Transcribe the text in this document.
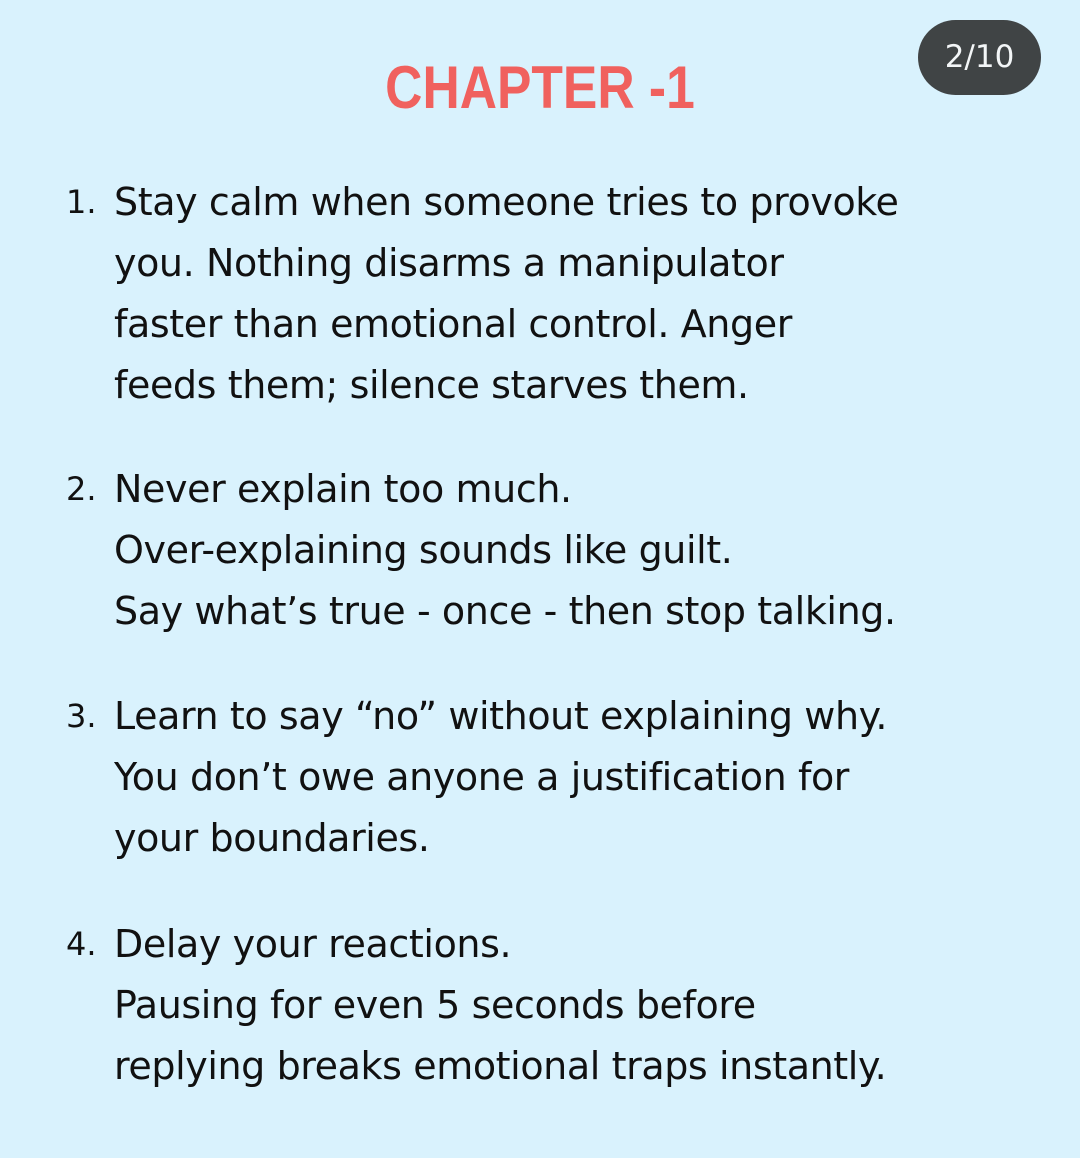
CHAPTER -1	2/10
1. Stay calm when someone tries to provoke
you. Nothing disarms a manipulator
faster than emotional control. Anger
feeds them; silence starves them.
2. Never explain too much.
Over-explaining sounds like guilt.
Say what’s true - once - then stop talking.
3. Learn to say “no” without explaining why.
You don’t owe anyone a justification for
your boundaries.
4. Delay your reactions.
Pausing for even 5 seconds before
replying breaks emotional traps instantly.
